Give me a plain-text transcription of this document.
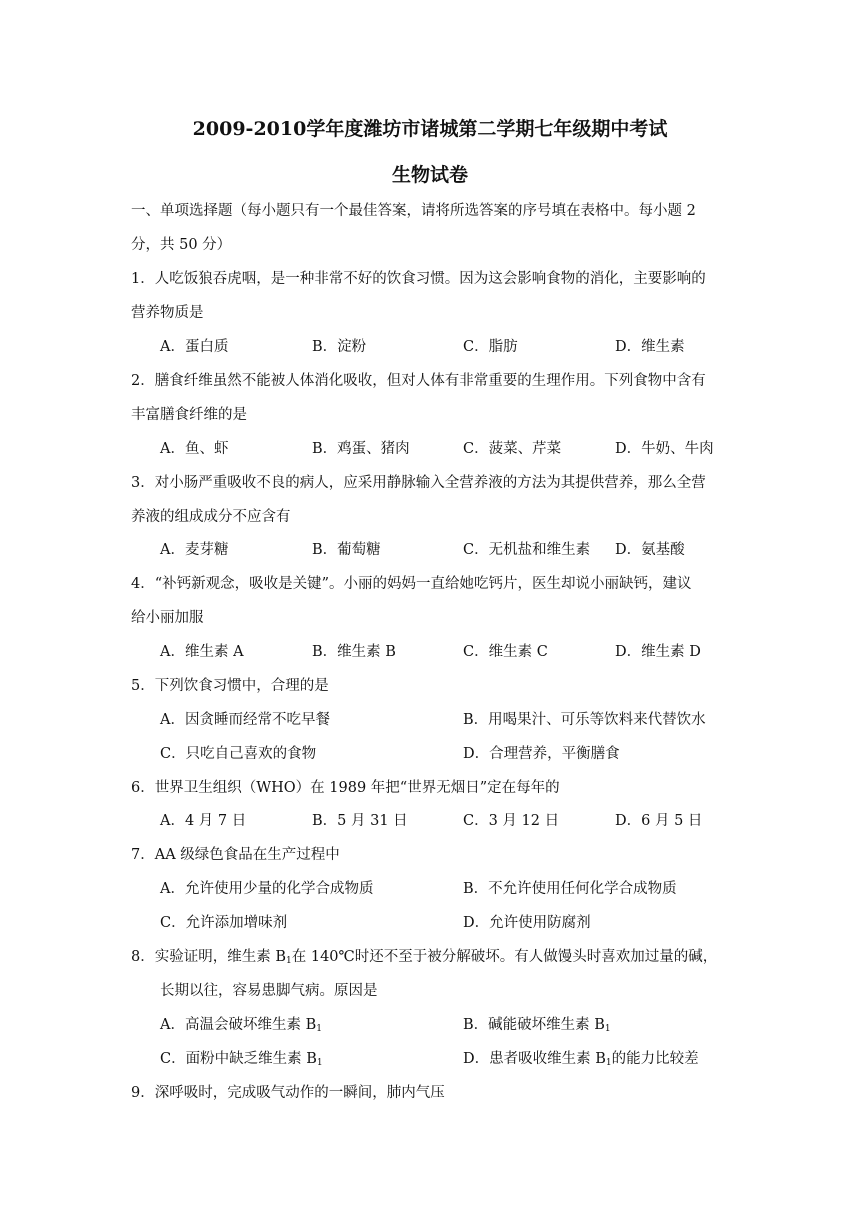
2009-2010学年度潍坊市诸城第二学期七年级期中考试
生物试卷
一、单项选择题（每小题只有一个最佳答案，请将所选答案的序号填在表格中。每小题 2
分，共 50 分）
1．人吃饭狼吞虎咽，是一种非常不好的饮食习惯。因为这会影响食物的消化，主要影响的
营养物质是
A．蛋白质	B．淀粉	C．脂肪	D．维生素
2．膳食纤维虽然不能被人体消化吸收，但对人体有非常重要的生理作用。下列食物中含有
丰富膳食纤维的是
A．鱼、虾	B．鸡蛋、猪肉	C．菠菜、芹菜	D．牛奶、牛肉
3．对小肠严重吸收不良的病人，应采用静脉输入全营养液的方法为其提供营养，那么全营
养液的组成成分不应含有
A．麦芽糖	B．葡萄糖	C．无机盐和维生素 D．氨基酸
4．“补钙新观念，吸收是关键”。小丽的妈妈一直给她吃钙片，医生却说小丽缺钙，建议
给小丽加服
A．维生素 A	B．维生素 B	C．维生素 C	D．维生素 D
5．下列饮食习惯中，合理的是
A．因贪睡而经常不吃早餐	B．用喝果汁、可乐等饮料来代替饮水
C．只吃自己喜欢的食物	D．合理营养，平衡膳食
6．世界卫生组织（WHO）在 1989 年把“世界无烟日”定在每年的
A．4 月 7 日	B．5 月 31 日	C．3 月 12 日	D．6 月 5 日
7．AA 级绿色食品在生产过程中
A．允许使用少量的化学合成物质	B．不允许使用任何化学合成物质
C．允许添加增味剂	D．允许使用防腐剂
8．实验证明，维生素 $B_1$在 140℃时还不至于被分解破坏。有人做馒头时喜欢加过量的碱，
长期以往，容易患脚气病。原因是
A．高温会破坏维生素 $B_1$	B．碱能破坏维生素 $B_1$
C．面粉中缺乏维生素 $B_1$	D．患者吸收维生素 $B_1$的能力比较差
9．深呼吸时，完成吸气动作的一瞬间，肺内气压
